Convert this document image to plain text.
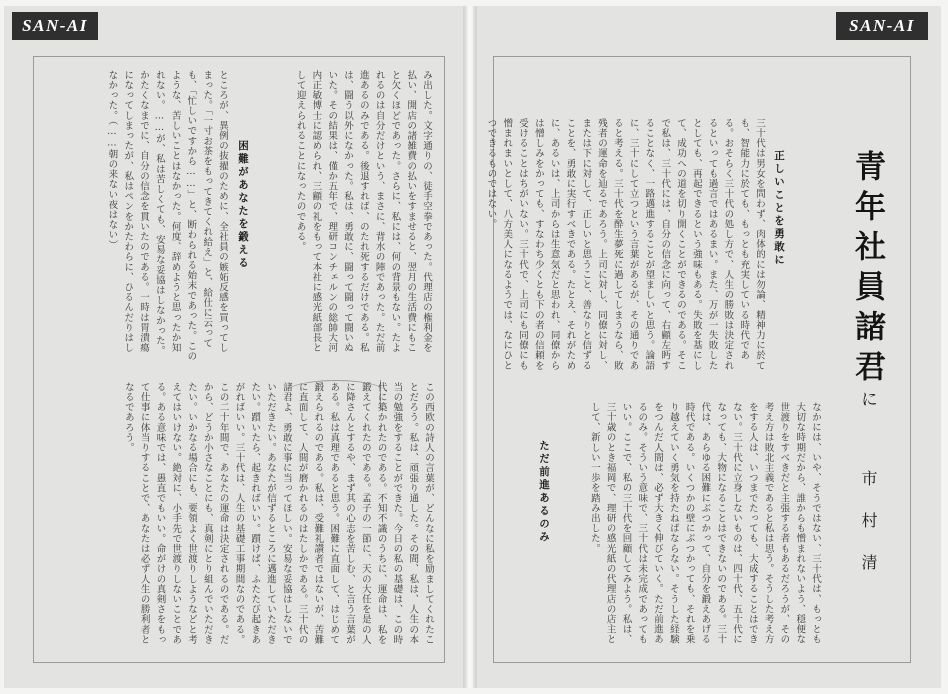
SAN-AI	SAN-AI
青年社員諸君に
市村清
正しいことを勇敢に
三十代は男女を問わず、肉体的には勿論、精神力に於ても、智能力に於ても、もっとも充実している時代である。おそらく三十代の処し方で、人生の勝敗は決定されるといっても過言ではあるまい。また、万が一失敗したとしても、再起できるという強味もある。失敗を基にして、成功への道を切り開くことができるのである。そこで私は、三十代には、自分の信念に向って、右顧左眄することなく、一路邁進することが望ましいと思う。論語に、三十にして立つという言葉があるが、その通りであると考える。三十代を酔生夢死に過してしまうなら、敗残者の運命を辿るであろう。上司に対し、同僚に対し、または下に対して、正しいと思うこと、善なりと信ずることを、勇敢に実行すべきである。たとえ、それがために、あるいは、上司からは生意気だと思われ、同僚からは憎しみをかっても、すなわち少くとも下の者の信頼を受けることはちがいない。三十代で、上司にも同僚にも憎まれまいとして、八方美人になるようでは、なにひとつできるものではない。
ただ前進あるのみ	なかには、いや、そうではない、三十代は、もっとも大切な時期だから、誰からも憎まれないよう、穏便な世渡りをすべきだと主張する者もあるだろうが、その考え方は敗北主義であると私は思う。そうした考え方をする人は、いつまでたっても、大成することはできない。三十代に立身しないものは、四十代、五十代になっても、大物になることはできないのである。三十代は、あらゆる困難にぶつかって、自分を鍛えあげる時代である。いくつかの壁にぶつかっても、それを乗り越えていく勇気を持たねばならない。そうした経験をつんだ人間は、必ず大きく伸びていく。ただ前進あるのみ。そういう意味で、三十代は未完成であってもいい。ここで、私の三十代を回顧してみよう。私は、三十歳のとき福岡で、理研の感光紙の代理店の店主として、新しい一歩を踏み出した。
み出した。文字通りの、徒手空拳であった。代理店の権利金を払い、開店の諸雑費の払いをすませると、翌月の生活費にもこと欠くほどであった。さらに、私には、何の背景もない。たよれるのは自分だけという、まさに、背水の陣であった。ただ前進あるのみである。後退すれば、のたれ死するだけである。私は、闘う以外になかった。私は、勇敢に、闘って闘って闘いぬいた。その結果は、僅か五年で、理研コンチェルンの総帥大河内正敏博士に認められ、三顧の礼をもって本社に感光紙部長として迎えられることになったのである。
困難があなたを鍛える
ところが、異例の抜擢のために、全社員の嫉妬反感を買ってしまった。「一寸お茶をもってきてくれ給え」と、給仕に云っても、「忙しいですから……」と、断わられる始末であった。このような、苦しいことはなかった。何度、辞めようと思ったか知れない。……が、私は苦しくても、安易な妥協はしなかった。かたくなまでに、自分の信念を貫いたのである。一時は胃潰瘍になってしまったが、私はペンをかたわらに、ひるんだりはしなかった。（……朝の来ない夜はない）
この西欧の詩人の言葉が、どんなに私を励ましてくれたことだろう。私は、頑張り通した。その間、私は、人生の本当の勉強をすることができた。今日の私の基礎は、この時代に築かれたのである。不知不識のうちに、運命は、私を鍛えてくれたのである。孟子の一節に、天の大任を是の人に降さんとするや、まず其の心志を苦しむ、と言う言葉がある。私は真理であると思う。困難に直面して、はじめて鍛えられるのである。私は、受難礼讃者ではないが、苦難に直面して、人間が磨かれるのはたしかである。三十代の諸君よ、勇敢に事に当ってほしい。安易な妥協はしないでいただきたい。あなたが信ずるところに邁進していただきたい。躓いたら、起きればいい。躓けば、ふたたび起きあがればいい。三十代は、人生の基礎工事期間なのである。この二十年間で、あなたの運命は決定されるのである。だから、どうか小さなことにも、真剣にとり組んでいただきたい。いかなる場合にも、要領よく世渡りしようなどと考えてはいけない。絶対に、小手先で世渡りしないことである。ある意味では、愚直でもいい。命がけの真剣さをもって仕事に体当りすることで、あなたは必ず人生の勝利者となるであろう。
